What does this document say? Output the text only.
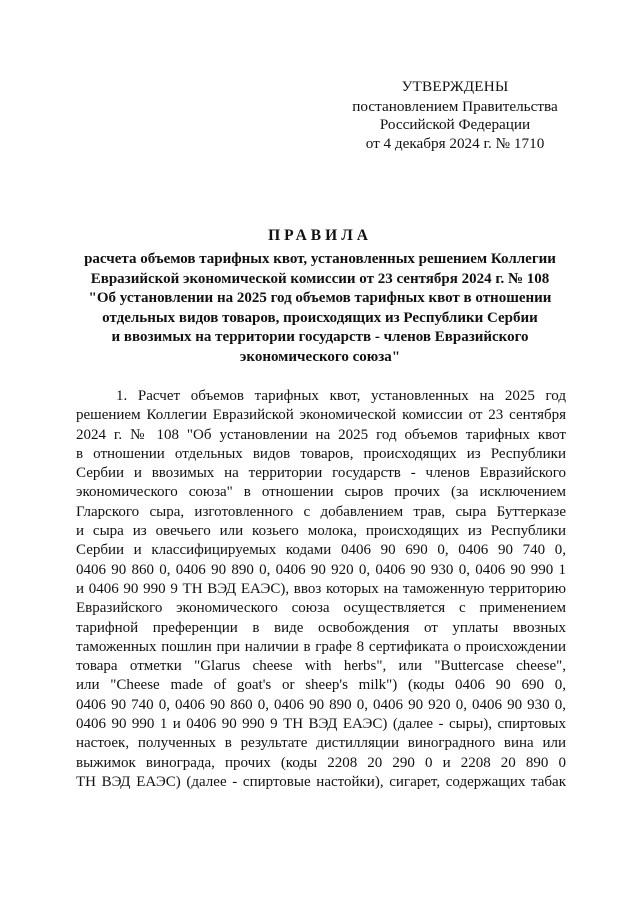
УТВЕРЖДЕНЫ
постановлением Правительства
Российской Федерации
от 4 декабря 2024 г. № 1710
ПРАВИЛА
расчета объемов тарифных квот, установленных решением Коллегии
Евразийской экономической комиссии от 23 сентября 2024 г. № 108
"Об установлении на 2025 год объемов тарифных квот в отношении
отдельных видов товаров, происходящих из Республики Сербии
и ввозимых на территории государств - членов Евразийского
экономического союза"
1. Расчет объемов тарифных квот, установленных на 2025 год
решением Коллегии Евразийской экономической комиссии от 23 сентября
2024 г. № 108 "Об установлении на 2025 год объемов тарифных квот
в отношении отдельных видов товаров, происходящих из Республики
Сербии и ввозимых на территории государств - членов Евразийского
экономического союза" в отношении сыров прочих (за исключением
Гларского сыра, изготовленного с добавлением трав, сыра Буттерказе
и сыра из овечьего или козьего молока, происходящих из Республики
Сербии и классифицируемых кодами 0406 90 690 0, 0406 90 740 0,
0406 90 860 0, 0406 90 890 0, 0406 90 920 0, 0406 90 930 0, 0406 90 990 1
и 0406 90 990 9 ТН ВЭД ЕАЭС), ввоз которых на таможенную территорию
Евразийского экономического союза осуществляется с применением
тарифной преференции в виде освобождения от уплаты ввозных
таможенных пошлин при наличии в графе 8 сертификата о происхождении
товара отметки "Glarus cheese with herbs", или "Buttercase cheese",
или "Cheese made of goat's or sheep's milk") (коды 0406 90 690 0,
0406 90 740 0, 0406 90 860 0, 0406 90 890 0, 0406 90 920 0, 0406 90 930 0,
0406 90 990 1 и 0406 90 990 9 ТН ВЭД ЕАЭС) (далее - сыры), спиртовых
настоек, полученных в результате дистилляции виноградного вина или
выжимок винограда, прочих (коды 2208 20 290 0 и 2208 20 890 0
ТН ВЭД ЕАЭС) (далее - спиртовые настойки), сигарет, содержащих табак
